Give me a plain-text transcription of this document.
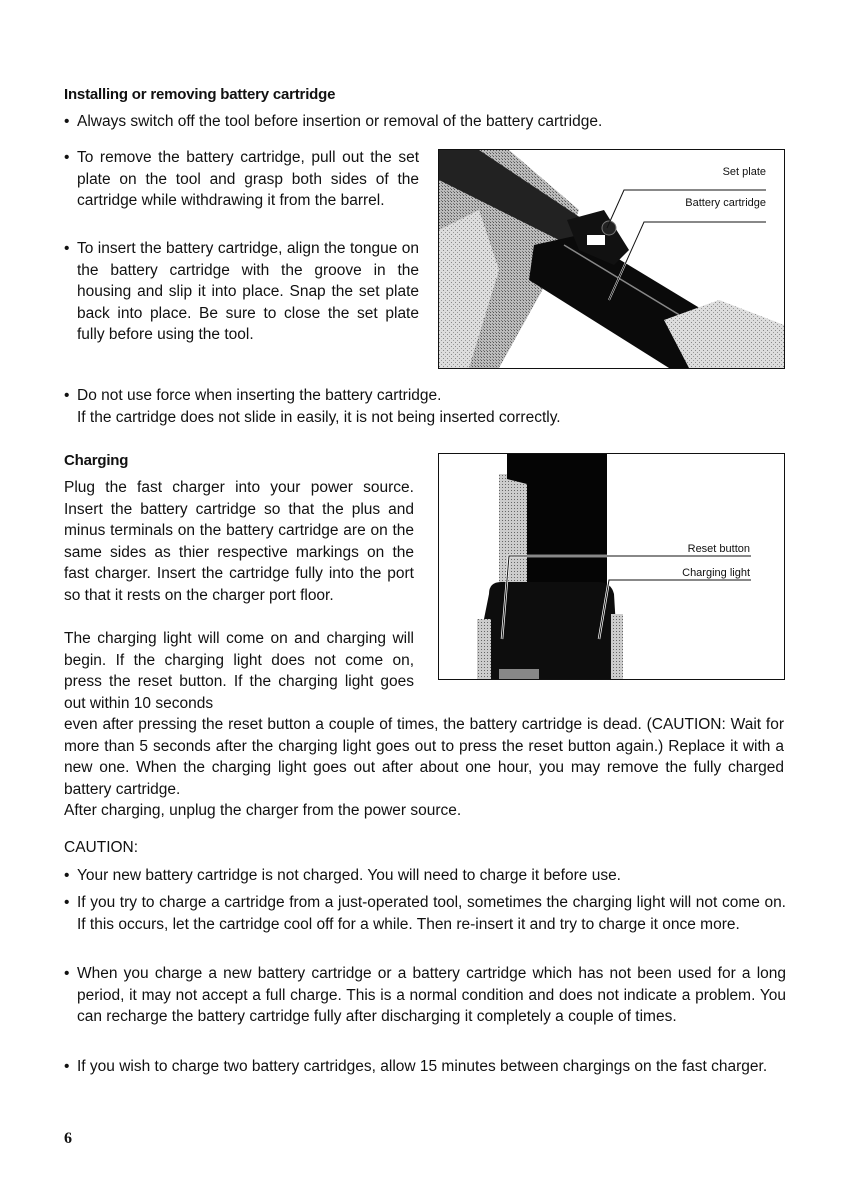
Installing or removing battery cartridge
• Always switch off the tool before insertion or removal of the battery cartridge.
• To remove the battery cartridge, pull out the set plate on the tool and grasp both sides of the cartridge while withdrawing it from the barrel.
• To insert the battery cartridge, align the tongue on the battery cartridge with the groove in the housing and slip it into place. Snap the set plate back into place. Be sure to close the set plate fully before using the tool.
Set plate
Battery cartridge
• Do not use force when inserting the battery cartridge.
If the cartridge does not slide in easily, it is not being inserted correctly.
Charging
Plug the fast charger into your power source. Insert the battery cartridge so that the plus and minus terminals on the battery cartridge are on the same sides as thier respective markings on the fast charger. Insert the cartridge fully into the port so that it rests on the charger port floor.
The charging light will come on and charging will begin. If the charging light does not come on, press the reset button. If the charging light goes out within 10 seconds
Reset button
Charging light
even after pressing the reset button a couple of times, the battery cartridge is dead. (CAUTION: Wait for more than 5 seconds after the charging light goes out to press the reset button again.) Replace it with a new one. When the charging light goes out after about one hour, you may remove the fully charged battery cartridge.
After charging, unplug the charger from the power source.
CAUTION:
• Your new battery cartridge is not charged. You will need to charge it before use.
• If you try to charge a cartridge from a just-operated tool, sometimes the charging light will not come on. If this occurs, let the cartridge cool off for a while. Then re-insert it and try to charge it once more.
• When you charge a new battery cartridge or a battery cartridge which has not been used for a long period, it may not accept a full charge. This is a normal condition and does not indicate a problem. You can recharge the battery cartridge fully after discharging it completely a couple of times.
• If you wish to charge two battery cartridges, allow 15 minutes between chargings on the fast charger.
6
